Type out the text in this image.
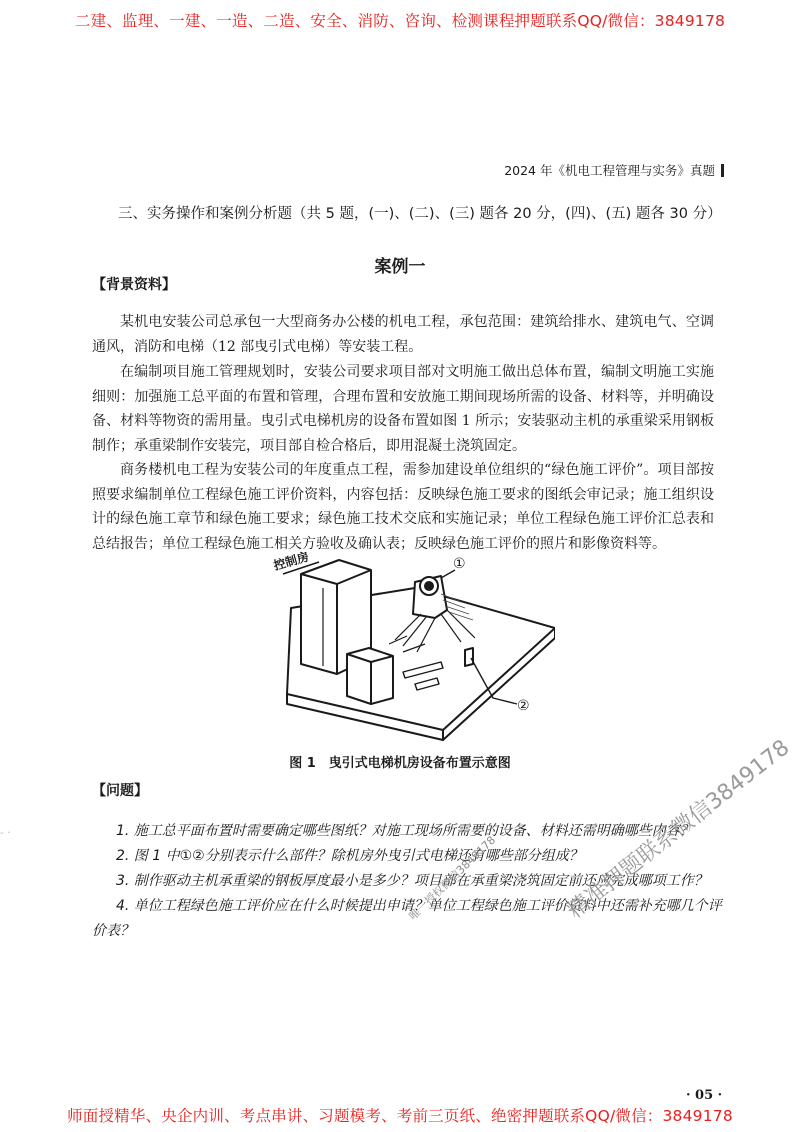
二建、监理、一建、一造、二造、安全、消防、咨询、检测课程押题联系QQ/微信：3849178
2024 年《机电工程管理与实务》真题
三、实务操作和案例分析题（共 5 题，(一)、(二)、(三) 题各 20 分，(四)、(五) 题各 30 分）
案例一
【背景资料】

某机电安装公司总承包一大型商务办公楼的机电工程，承包范围：建筑给排水、建筑电气、空调通风，消防和电梯（12 部曳引式电梯）等安装工程。

在编制项目施工管理规划时，安装公司要求项目部对文明施工做出总体布置，编制文明施工实施细则：加强施工总平面的布置和管理，合理布置和安放施工期间现场所需的设备、材料等，并明确设备、材料等物资的需用量。曳引式电梯机房的设备布置如图 1 所示；安装驱动主机的承重梁采用钢板制作；承重梁制作安装完，项目部自检合格后，即用混凝土浇筑固定。

商务楼机电工程为安装公司的年度重点工程，需参加建设单位组织的“绿色施工评价”。项目部按照要求编制单位工程绿色施工评价资料，内容包括：反映绿色施工要求的图纸会审记录；施工组织设计的绿色施工章节和绿色施工要求；绿色施工技术交底和实施记录；单位工程绿色施工评价汇总表和总结报告；单位工程绿色施工相关方验收及确认表；反映绿色施工评价的照片和影像资料等。

控制房	①
②
图 1　曳引式电梯机房设备布置示意图
【问题】

1. 施工总平面布置时需要确定哪些图纸？对施工现场所需要的设备、材料还需明确哪些内容？

2. 图 1 中①②分别表示什么部件？除机房外曳引式电梯还有哪些部分组成？

3. 制作驱动主机承重梁的钢板厚度最小是多少？项目部在承重梁浇筑固定前还应完成哪项工作？

4. 单位工程绿色施工评价应在什么时候提出申请？单位工程绿色施工评价资料中还需补充哪几个评价表？

- ·
唯一授权微信3849178	精准押题联系微信3849178
· 05 ·
师面授精华、央企内训、考点串讲、习题模考、考前三页纸、绝密押题联系QQ/微信：3849178
